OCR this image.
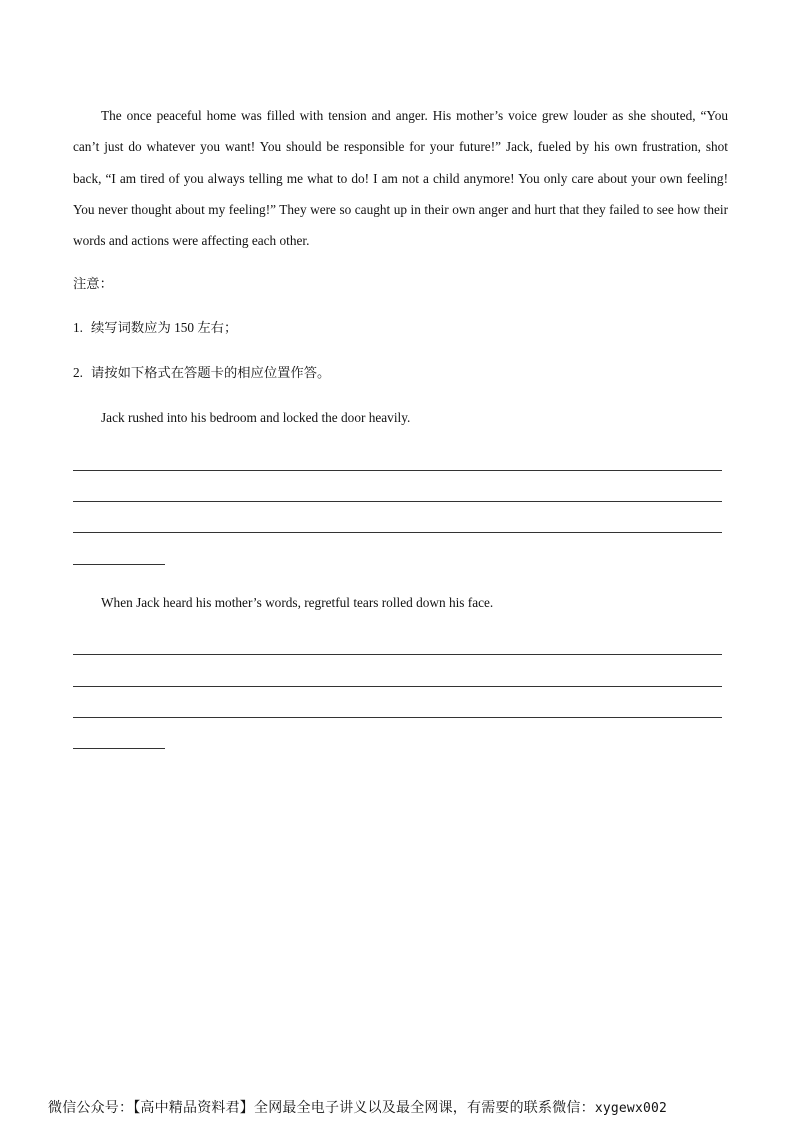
The once peaceful home was filled with tension and anger. His mother’s voice grew louder as she shouted, “You can’t just do whatever you want! You should be responsible for your future!” Jack, fueled by his own frustration, shot back, “I am tired of you always telling me what to do! I am not a child anymore! You only care about your own feeling! You never thought about my feeling!” They were so caught up in their own anger and hurt that they failed to see how their words and actions were affecting each other.

注意：

1. 续写词数应为 150 左右；

2. 请按如下格式在答题卡的相应位置作答。

Jack rushed into his bedroom and locked the door heavily.

When Jack heard his mother’s words, regretful tears rolled down his face.

微信公众号：【高中精品资料君】全网最全电子讲义以及最全网课，有需要的联系微信：xygewx002
